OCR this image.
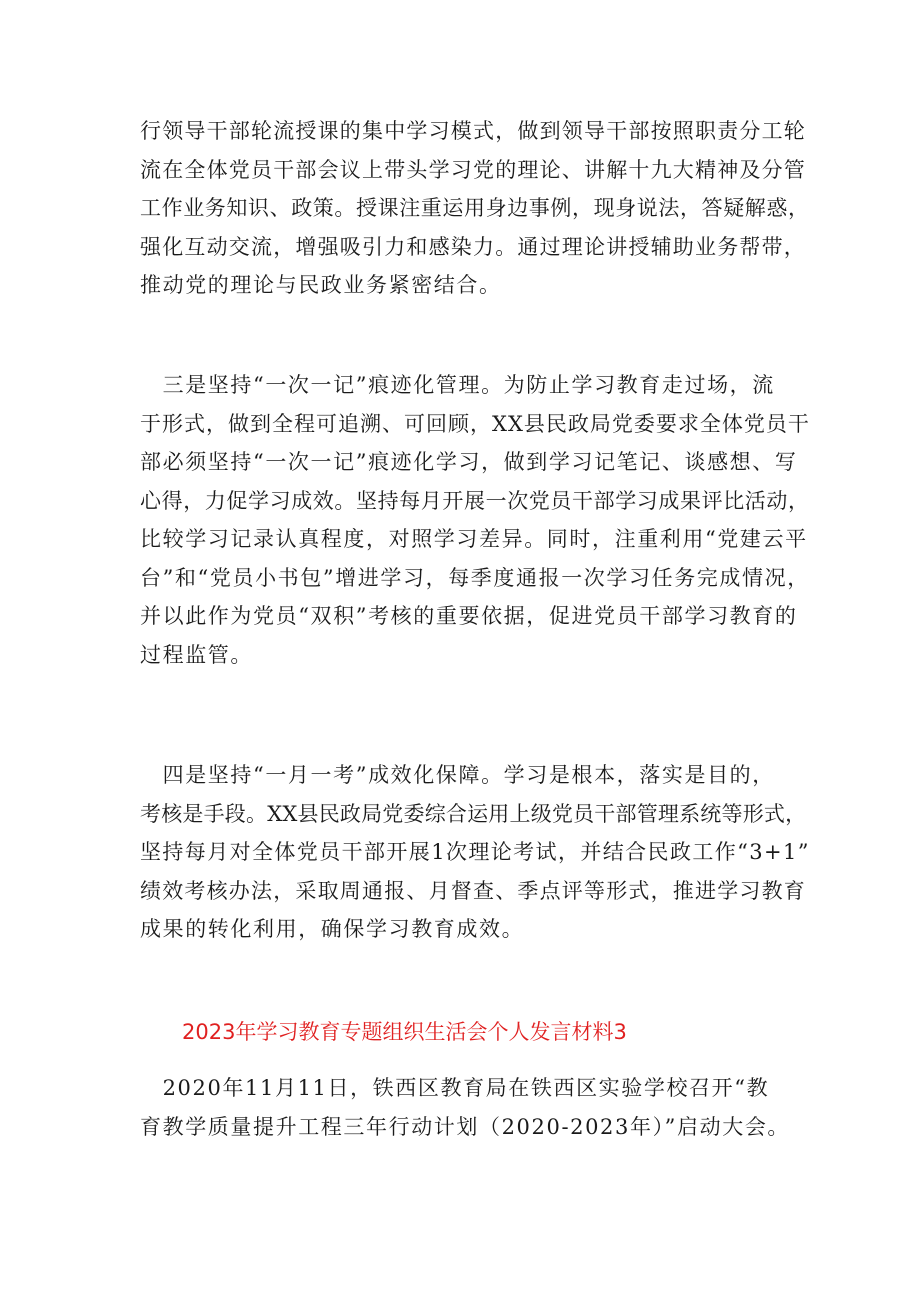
行领导干部轮流授课的集中学习模式，做到领导干部按照职责分工轮
流在全体党员干部会议上带头学习党的理论、讲解十九大精神及分管
工作业务知识、政策。授课注重运用身边事例，现身说法，答疑解惑，
强化互动交流，增强吸引力和感染力。通过理论讲授辅助业务帮带，
推动党的理论与民政业务紧密结合。
　三是坚持“一次一记”痕迹化管理。为防止学习教育走过场，流
于形式，做到全程可追溯、可回顾，XX县民政局党委要求全体党员干
部必须坚持“一次一记”痕迹化学习，做到学习记笔记、谈感想、写
心得，力促学习成效。坚持每月开展一次党员干部学习成果评比活动，
比较学习记录认真程度，对照学习差异。同时，注重利用“党建云平
台”和“党员小书包”增进学习，每季度通报一次学习任务完成情况，
并以此作为党员“双积”考核的重要依据，促进党员干部学习教育的
过程监管。
　四是坚持“一月一考”成效化保障。学习是根本，落实是目的，
考核是手段。XX县民政局党委综合运用上级党员干部管理系统等形式，
坚持每月对全体党员干部开展1次理论考试，并结合民政工作“3+1”
绩效考核办法，采取周通报、月督查、季点评等形式，推进学习教育
成果的转化利用，确保学习教育成效。
2023年学习教育专题组织生活会个人发言材料3
　2020年11月11日，铁西区教育局在铁西区实验学校召开“教
育教学质量提升工程三年行动计划（2020-2023年）”启动大会。
